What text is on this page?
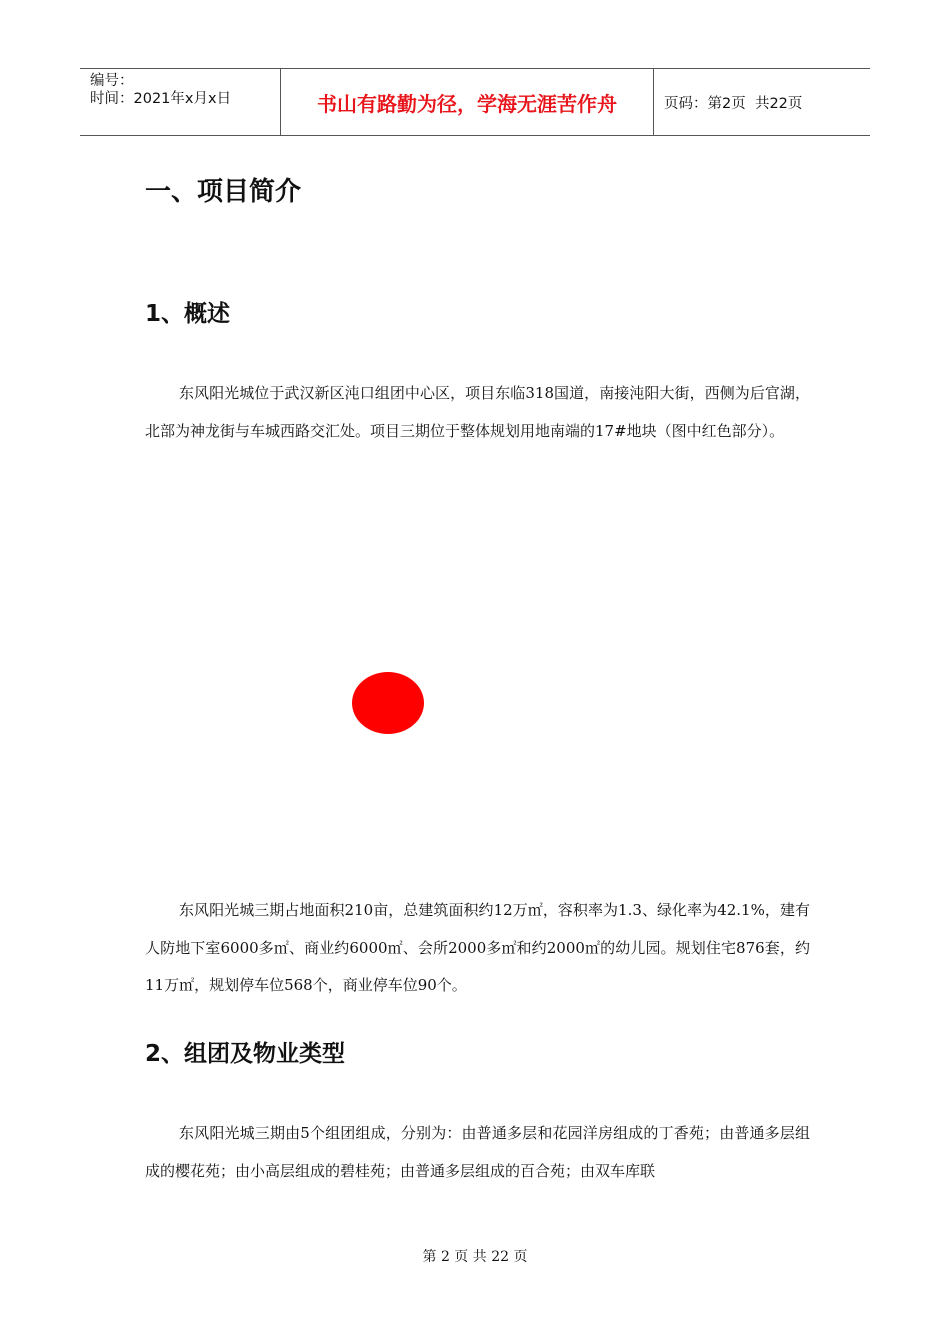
编号：
时间：2021年x月x日	书山有路勤为径，学海无涯苦作舟	页码：第2页  共22页
一、项目简介
1、概述
东风阳光城位于武汉新区沌口组团中心区，项目东临318国道，南接沌阳大街，西侧为后官湖，北部为神龙街与车城西路交汇处。项目三期位于整体规划用地南端的17#地块（图中红色部分）。
东风阳光城三期占地面积210亩，总建筑面积约12万㎡，容积率为1.3、绿化率为42.1%，建有人防地下室6000多㎡、商业约6000㎡、会所2000多㎡和约2000㎡的幼儿园。规划住宅876套，约11万㎡，规划停车位568个，商业停车位90个。
2、组团及物业类型
东风阳光城三期由5个组团组成，分别为：由普通多层和花园洋房组成的丁香苑；由普通多层组成的樱花苑；由小高层组成的碧桂苑；由普通多层组成的百合苑；由双车库联
第 2 页 共 22 页
